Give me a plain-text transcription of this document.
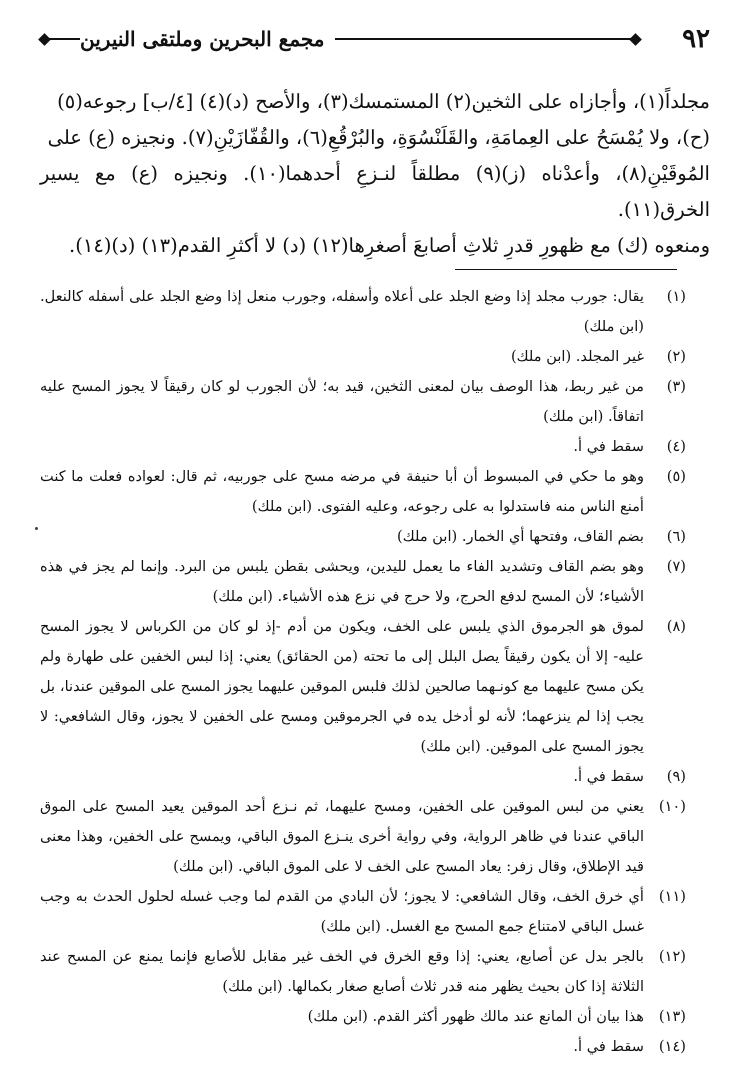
٩٢
مجمع البحرين وملتقى النيرين

مجلداً(١)، وأجازاه على الثخين(٢) المستمسك(٣)، والأصح (د)(٤) [٤/ب] رجوعه(٥)

(ح)، ولا يُمْسَحُ على العِمامَةِ، والقَلَنْسُوَةِ، والبُرْقُعِ(٦)، والقُفّازَيْنِ(٧). ونجيزه (ع) على

المُوقَيْنِ(٨)، وأعدْناه (ز)(٩) مطلقاً لنـزعِ أحدهما(١٠). ونجيزه (ع) مع يسير الخرق(١١).

ومنعوه (ك) مع ظهورِ قدرِ ثلاثِ أصابعَ أصغرِها(١٢) (د) لا أكثرِ القدم(١٣) (د)(١٤).

(١)
يقال: جورب مجلد إذا وضع الجلد على أعلاه وأسفله، وجورب منعل إذا وضع الجلد على أسفله كالنعل. (ابن ملك)
(٢)
غير المجلد. (ابن ملك)
(٣)
من غير ربط، هذا الوصف بيان لمعنى الثخين، قيد به؛ لأن الجورب لو كان رقيقاً لا يجوز المسح عليه اتفاقاً. (ابن ملك)
(٤)
سقط في أ.
(٥)
وهو ما حكي في المبسوط أن أبا حنيفة في مرضه مسح على جوربيه، ثم قال: لعواده فعلت ما كنت أمنع الناس منه فاستدلوا به على رجوعه، وعليه الفتوى. (ابن ملك)
(٦)
بضم القاف، وفتحها أي الخمار. (ابن ملك)
(٧)
وهو بضم القاف وتشديد الفاء ما يعمل لليدين، ويحشى بقطن يلبس من البرد. وإنما لم يجز في هذه الأشياء؛ لأن المسح لدفع الحرج، ولا حرج في نزع هذه الأشياء. (ابن ملك)
(٨)
لموق هو الجرموق الذي يلبس على الخف، ويكون من أدم -إذ لو كان من الكرباس لا يجوز المسح عليه- إلا أن يكون رقيقاً يصل البلل إلى ما تحته (من الحقائق) يعني: إذا لبس الخفين على طهارة ولم يكن مسح عليهما مع كونـهما صالحين لذلك فلبس الموقين عليهما يجوز المسح على الموقين عندنا، بل يجب إذا لم ينزعهما؛ لأنه لو أدخل يده في الجرموقين ومسح على الخفين لا يجوز، وقال الشافعي: لا يجوز المسح على الموقين. (ابن ملك)
(٩)
سقط في أ.
(١٠)
يعني من لبس الموقين على الخفين، ومسح عليهما، ثم نـزع أحد الموقين يعيد المسح على الموق الباقي عندنا في ظاهر الرواية، وفي رواية أخرى ينـزع الموق الباقي، ويمسح على الخفين، وهذا معنى قيد الإطلاق، وقال زفر: يعاد المسح على الخف لا على الموق الباقي. (ابن ملك)
(١١)
أي خرق الخف، وقال الشافعي: لا يجوز؛ لأن البادي من القدم لما وجب غسله لحلول الحدث به وجب غسل الباقي لامتناع جمع المسح مع الغسل. (ابن ملك)
(١٢)
بالجر بدل عن أصابع، يعني: إذا وقع الخرق في الخف غير مقابل للأصابع فإنما يمنع عن المسح عند الثلاثة إذا كان بحيث يظهر منه قدر ثلاث أصابع صغار بكمالها. (ابن ملك)
(١٣)
هذا بيان أن المانع عند مالك ظهور أكثر القدم. (ابن ملك)
(١٤)
سقط في أ.
